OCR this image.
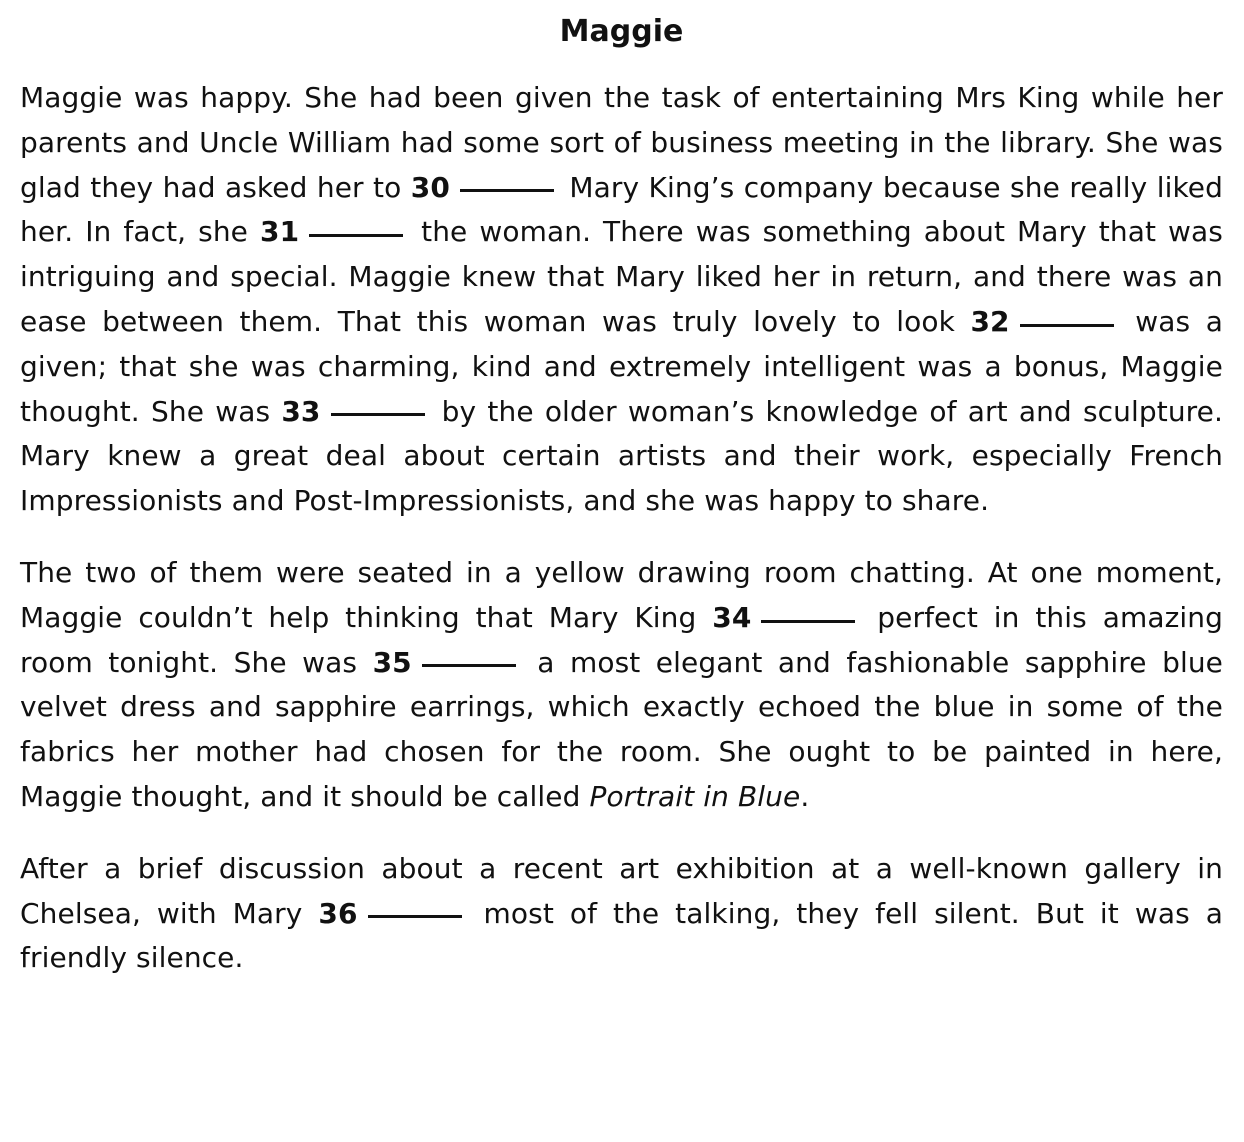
Maggie

Maggie was happy. She had been given the task of entertaining Mrs King while her parents and Uncle William had some sort of business meeting in the library. She was glad they had asked her to 30	Mary King’s company because she really liked her. In fact, she 31	the woman. There was something about Mary that was intriguing and special. Maggie knew that Mary liked her in return, and there was an ease between them. That this woman was truly lovely to look 32	was a given; that she was charming, kind and extremely intelligent was a bonus, Maggie thought. She was 33	by the older woman’s knowledge of art and sculpture. Mary knew a great deal about certain artists and their work, especially French Impressionists and Post-Impressionists, and she was happy to share.

The two of them were seated in a yellow drawing room chatting. At one moment, Maggie couldn’t help thinking that Mary King 34	perfect in this amazing room tonight. She was 35	a most elegant and fashionable sapphire blue velvet dress and sapphire earrings, which exactly echoed the blue in some of the fabrics her mother had chosen for the room. She ought to be painted in here, Maggie thought, and it should be called Portrait in Blue.

After a brief discussion about a recent art exhibition at a well-known gallery in Chelsea, with Mary 36	most of the talking, they fell silent. But it was a friendly silence.
